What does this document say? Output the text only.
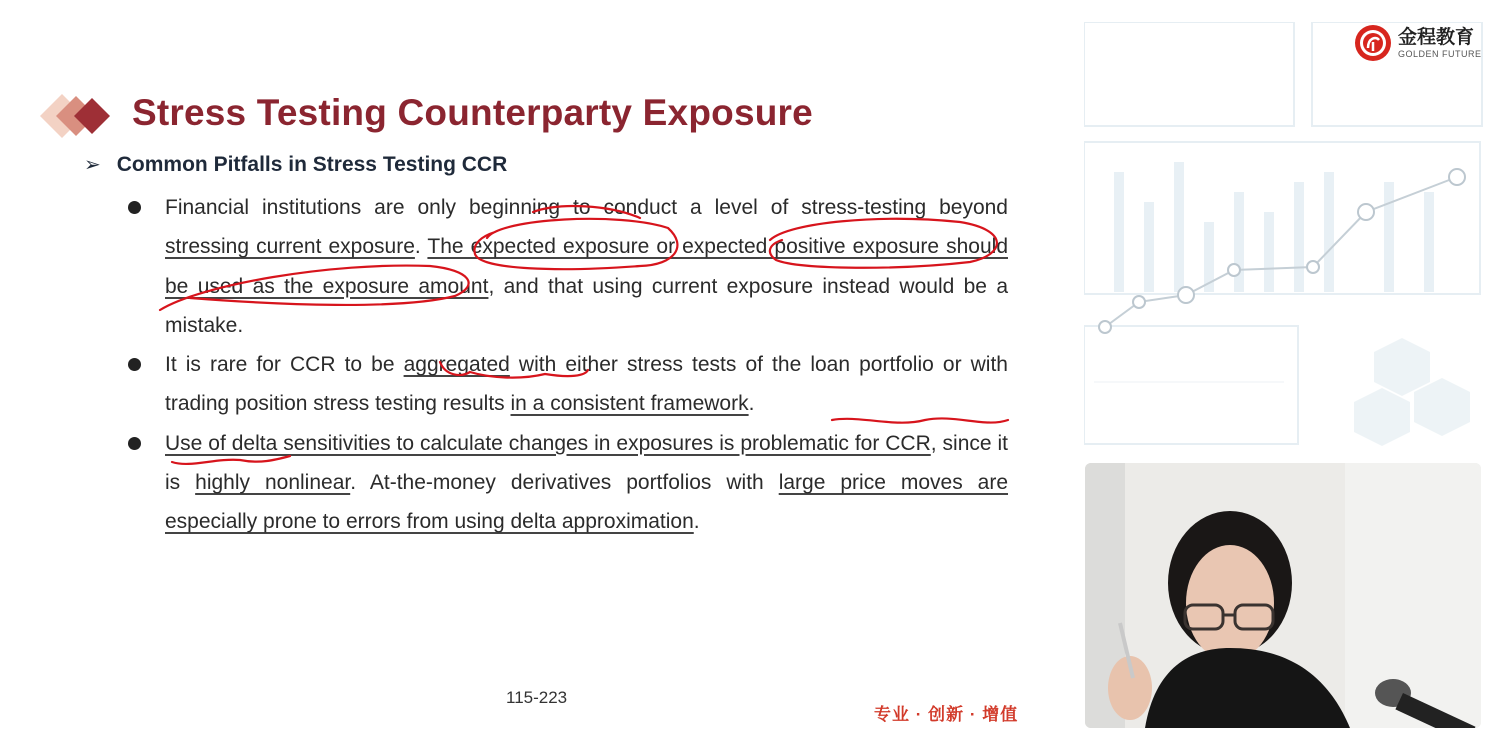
Stress Testing Counterparty Exposure
➢ Common Pitfalls in Stress Testing CCR
Financial institutions are only beginning to conduct a level of stress-testing beyond stressing current exposure. The expected exposure or expected positive exposure should be used as the exposure amount, and that using current exposure instead would be a mistake.
It is rare for CCR to be aggregated with either stress tests of the loan portfolio or with trading position stress testing results in a consistent framework.
Use of delta sensitivities to calculate changes in exposures is problematic for CCR, since it is highly nonlinear. At-the-money derivatives portfolios with large price moves are especially prone to errors from using delta approximation.
115-223
专业 · 创新 · 增值
金程教育
GOLDEN FUTURE
